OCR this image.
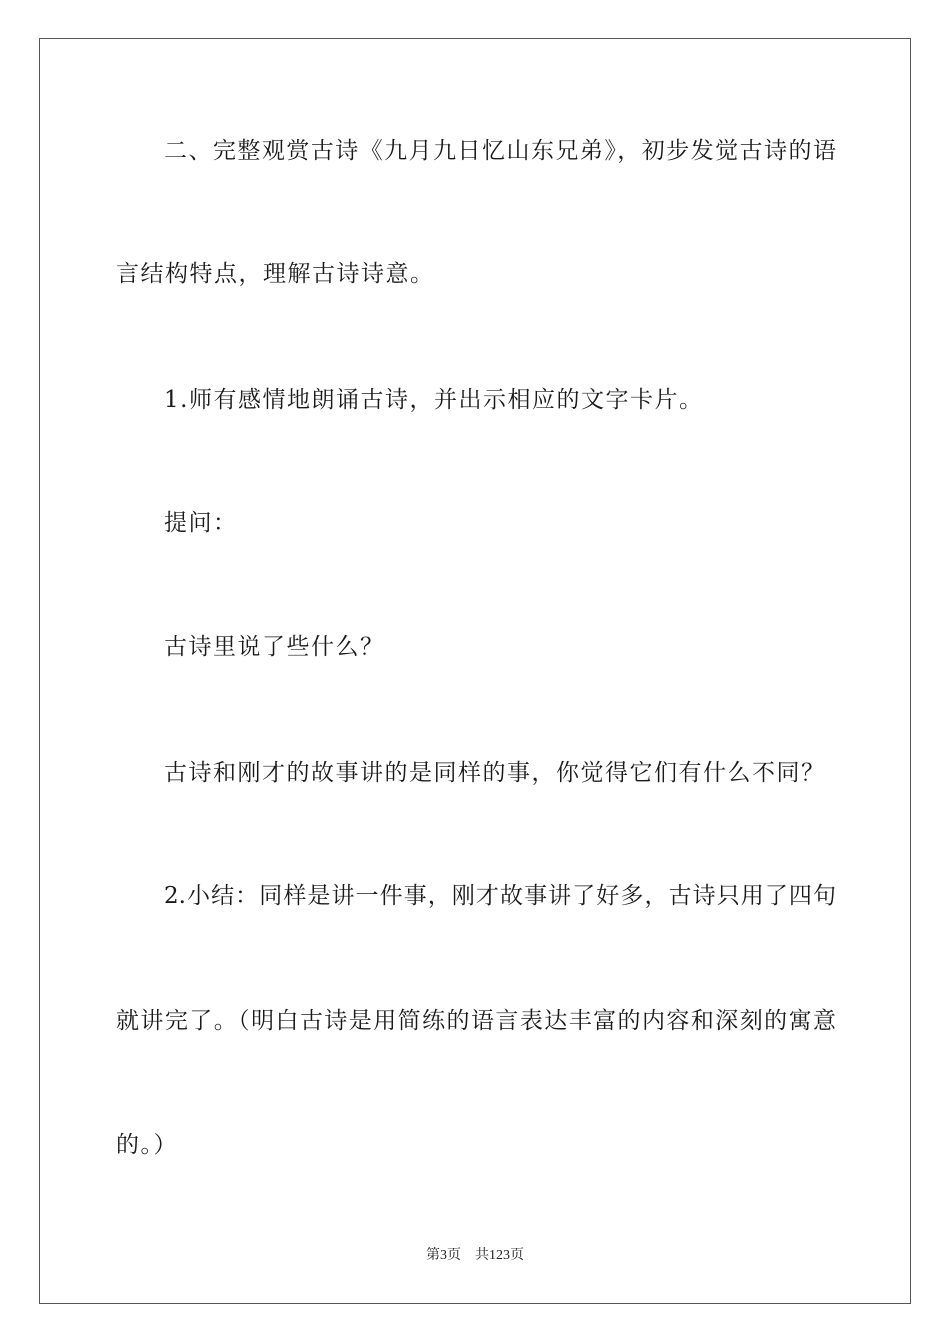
二、完整观赏古诗《九月九日忆山东兄弟》，初步发觉古诗的语
言结构特点，理解古诗诗意。
1.师有感情地朗诵古诗，并出示相应的文字卡片。
提问：
古诗里说了些什么？
古诗和刚才的故事讲的是同样的事，你觉得它们有什么不同？
2.小结：同样是讲一件事，刚才故事讲了好多，古诗只用了四句
就讲完了。（明白古诗是用简练的语言表达丰富的内容和深刻的寓意
的。）
第3页 共123页
